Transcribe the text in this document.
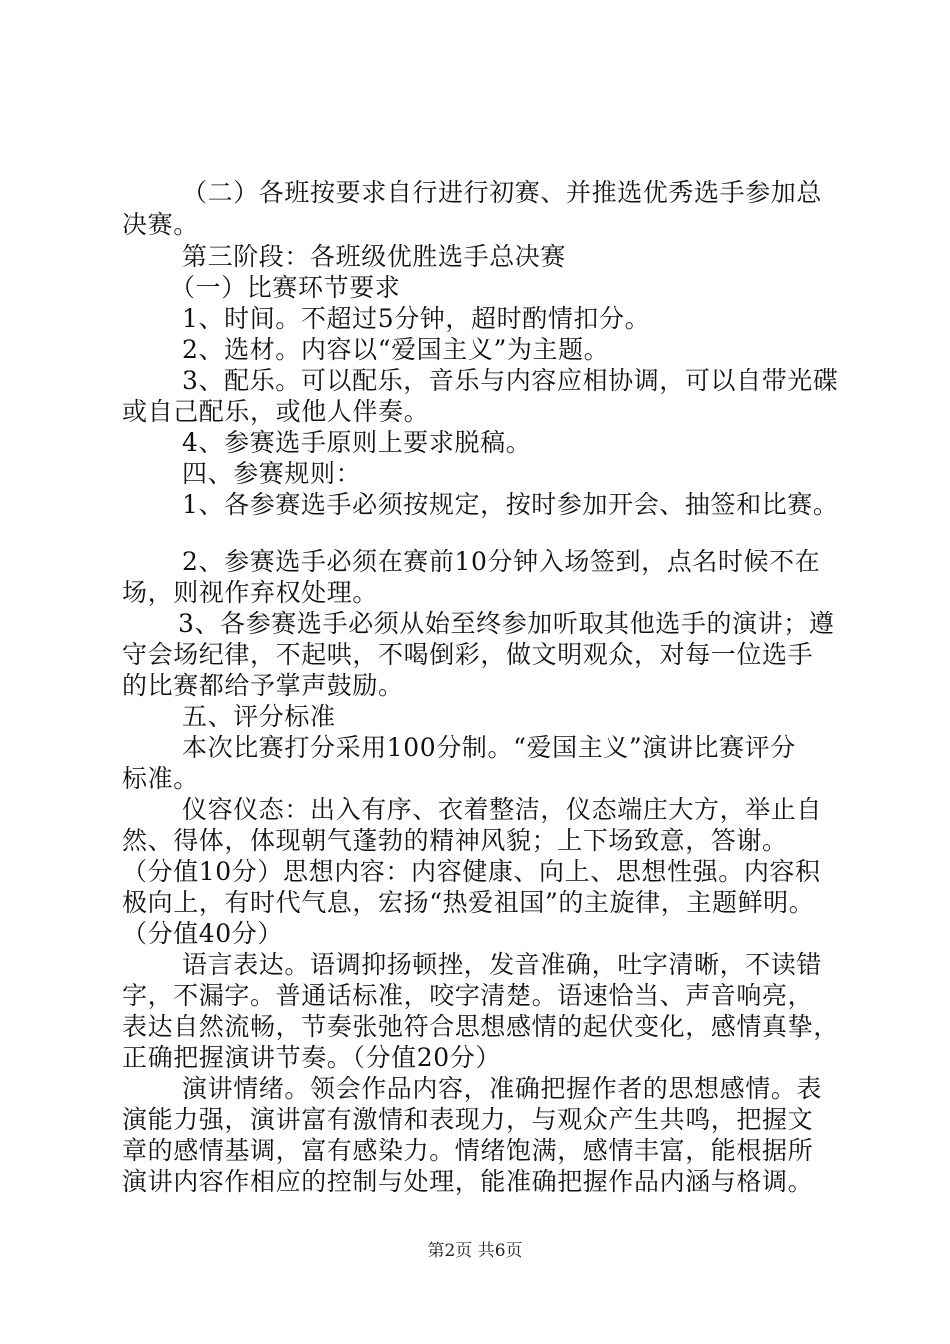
（二）各班按要求自行进行初赛、并推选优秀选手参加总
决赛。
第三阶段：各班级优胜选手总决赛
（一）比赛环节要求
1、时间。不超过5分钟，超时酌情扣分。
2、选材。内容以“爱国主义”为主题。
3、配乐。可以配乐，音乐与内容应相协调，可以自带光碟
或自己配乐，或他人伴奏。
4、参赛选手原则上要求脱稿。
四、参赛规则：
1、各参赛选手必须按规定，按时参加开会、抽签和比赛。
2、参赛选手必须在赛前10分钟入场签到，点名时候不在
场，则视作弃权处理。
3、各参赛选手必须从始至终参加听取其他选手的演讲；遵
守会场纪律，不起哄，不喝倒彩，做文明观众，对每一位选手
的比赛都给予掌声鼓励。
五、评分标准
本次比赛打分采用100分制。“爱国主义”演讲比赛评分
标准。
仪容仪态：出入有序、衣着整洁，仪态端庄大方，举止自
然、得体，体现朝气蓬勃的精神风貌；上下场致意，答谢。
（分值10分）思想内容：内容健康、向上、思想性强。内容积
极向上，有时代气息，宏扬“热爱祖国”的主旋律，主题鲜明。
（分值40分）
语言表达。语调抑扬顿挫，发音准确，吐字清晰，不读错
字，不漏字。普通话标准，咬字清楚。语速恰当、声音响亮，
表达自然流畅，节奏张弛符合思想感情的起伏变化，感情真挚，
正确把握演讲节奏。（分值20分）
演讲情绪。领会作品内容，准确把握作者的思想感情。表
演能力强，演讲富有激情和表现力，与观众产生共鸣，把握文
章的感情基调，富有感染力。情绪饱满，感情丰富，能根据所
演讲内容作相应的控制与处理，能准确把握作品内涵与格调。
第2页 共6页
